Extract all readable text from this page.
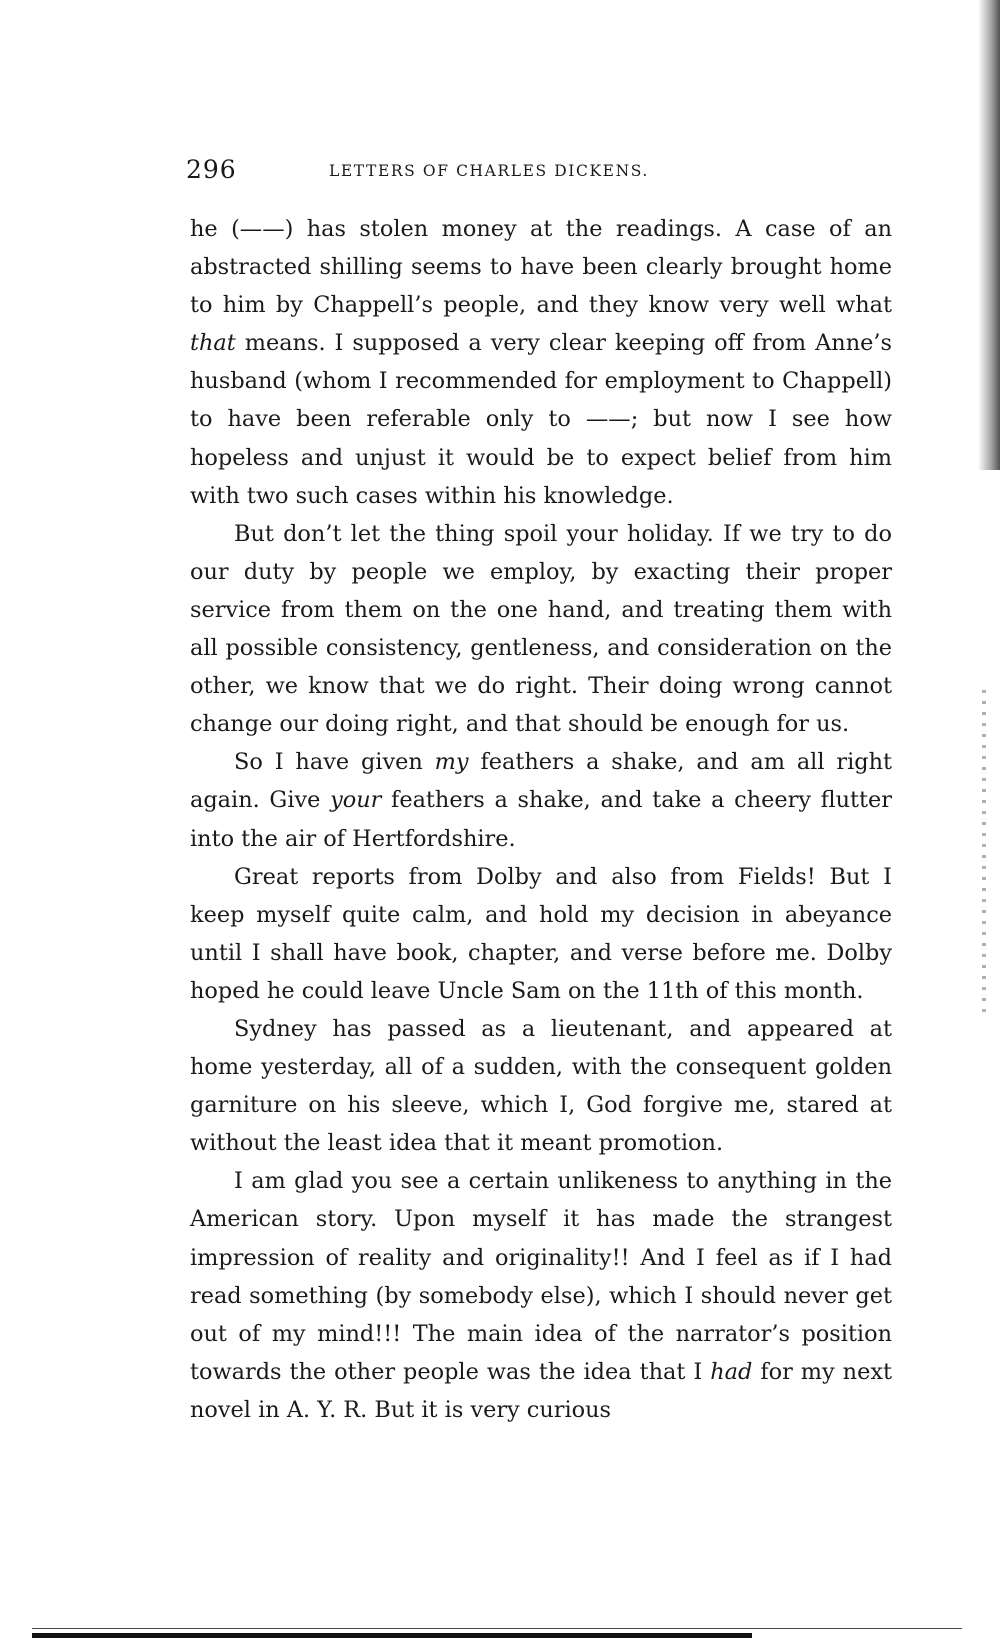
296	LETTERS OF CHARLES DICKENS.

he (——) has stolen money at the readings. A case of an abstracted shilling seems to have been clearly brought home to him by Chappell’s people, and they know very well what that means. I supposed a very clear keeping off from Anne’s husband (whom I recommended for employment to Chappell) to have been referable only to ——; but now I see how hopeless and unjust it would be to expect belief from him with two such cases within his knowledge.

But don’t let the thing spoil your holiday. If we try to do our duty by people we employ, by exacting their proper service from them on the one hand, and treating them with all possible consistency, gentleness, and consideration on the other, we know that we do right. Their doing wrong cannot change our doing right, and that should be enough for us.

So I have given my feathers a shake, and am all right again. Give your feathers a shake, and take a cheery flutter into the air of Hertfordshire.

Great reports from Dolby and also from Fields! But I keep myself quite calm, and hold my decision in abeyance until I shall have book, chapter, and verse before me. Dolby hoped he could leave Uncle Sam on the 11th of this month.

Sydney has passed as a lieutenant, and appeared at home yesterday, all of a sudden, with the consequent golden garniture on his sleeve, which I, God forgive me, stared at without the least idea that it meant promotion.

I am glad you see a certain unlikeness to anything in the American story. Upon myself it has made the strangest impression of reality and originality!! And I feel as if I had read something (by somebody else), which I should never get out of my mind!!! The main idea of the narrator’s position towards the other people was the idea that I had for my next novel in A. Y. R. But it is very curious
